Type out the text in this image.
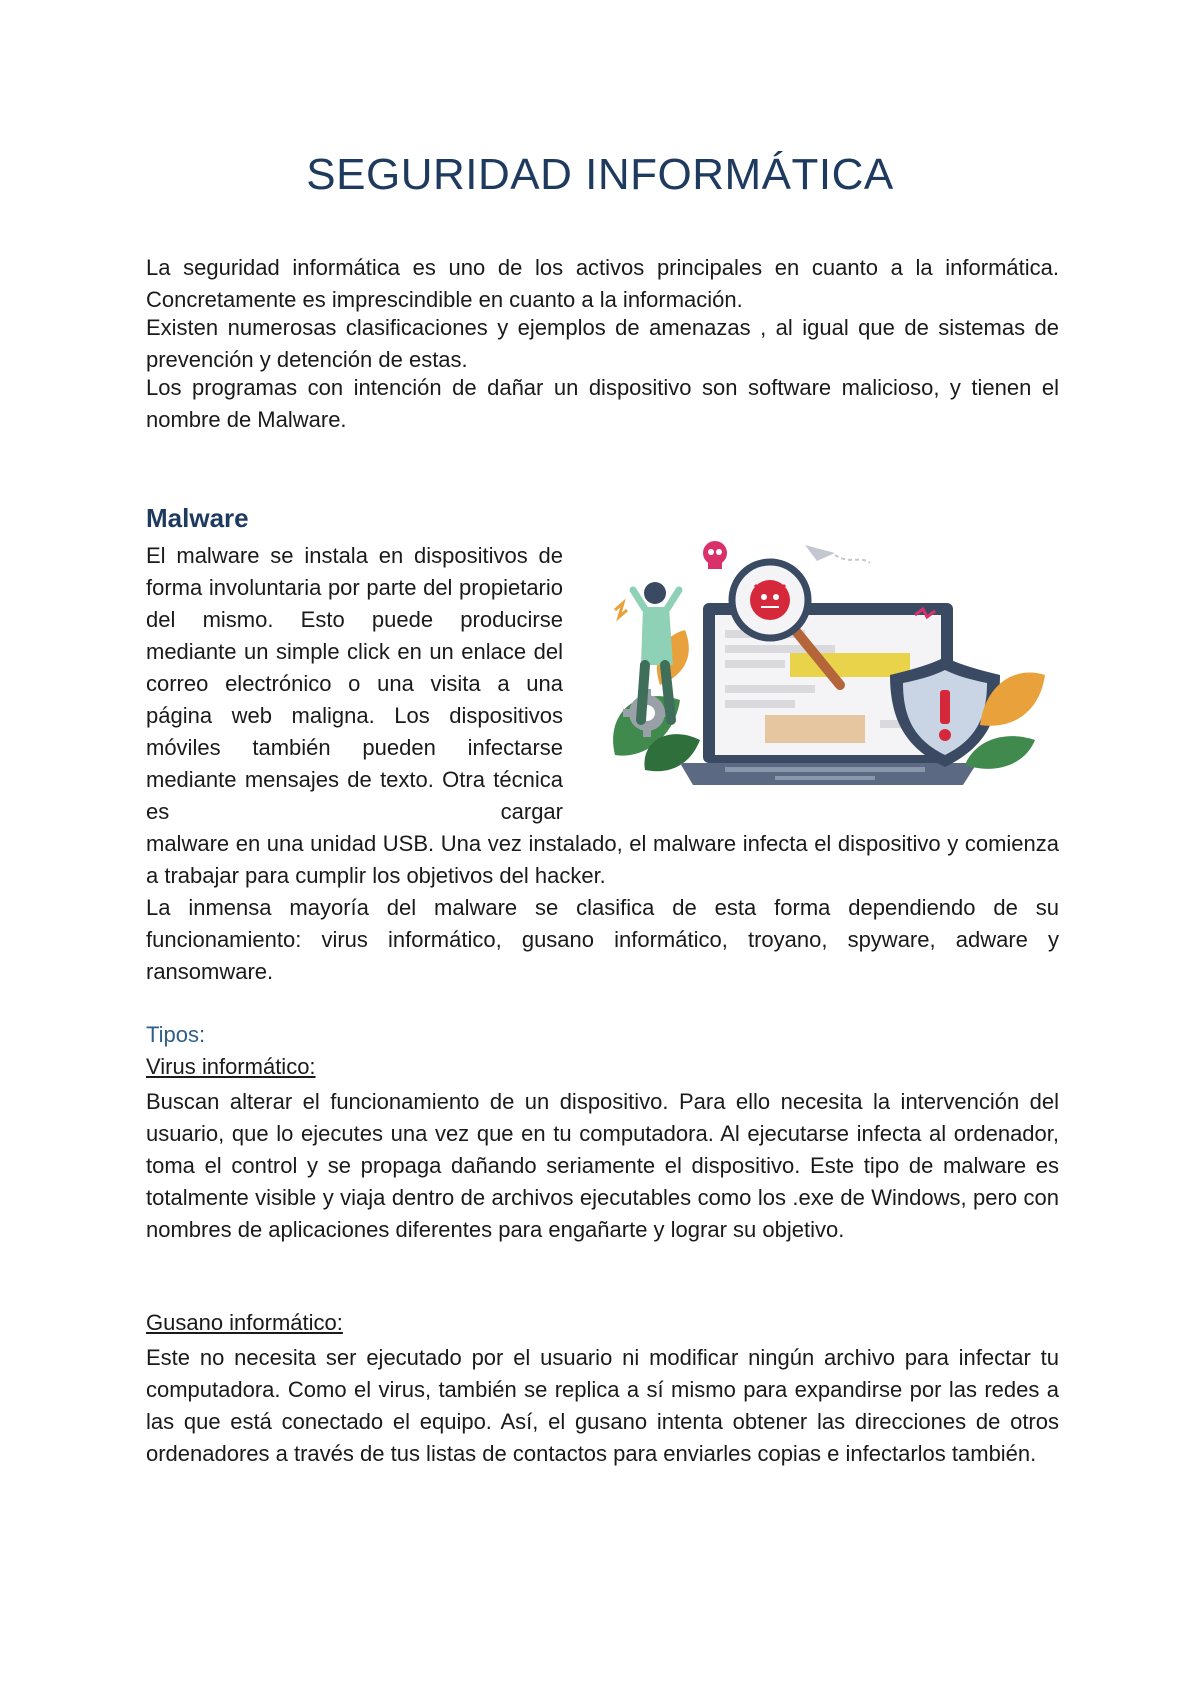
SEGURIDAD INFORMÁTICA

La seguridad informática es uno de los activos principales en cuanto a la informática. Concretamente es imprescindible en cuanto a la información.

Existen numerosas clasificaciones y ejemplos de amenazas , al igual que de sistemas de prevención y detención de estas.

Los programas con intención de dañar un dispositivo son software malicioso, y tienen el nombre de Malware.

Malware

El malware se instala en dispositivos de forma involuntaria por parte del propietario del mismo. Esto puede producirse mediante un simple click en un enlace del correo electrónico o una visita a una página web maligna. Los dispositivos móviles también pueden infectarse mediante mensajes de texto. Otra técnica es cargar

malware en una unidad USB. Una vez instalado, el malware infecta el dispositivo y comienza a trabajar para cumplir los objetivos del hacker.

La inmensa mayoría del malware se clasifica de esta forma dependiendo de su funcionamiento: virus informático, gusano informático, troyano, spyware, adware y ransomware.

Tipos:

Virus informático:

Buscan alterar el funcionamiento de un dispositivo. Para ello necesita la intervención del usuario, que lo ejecutes una vez que en tu computadora. Al ejecutarse infecta al ordenador, toma el control y se propaga dañando seriamente el dispositivo. Este tipo de malware es totalmente visible y viaja dentro de archivos ejecutables como los .exe de Windows, pero con nombres de aplicaciones diferentes para engañarte y lograr su objetivo.

Gusano informático:

Este no necesita ser ejecutado por el usuario ni modificar ningún archivo para infectar tu computadora. Como el virus, también se replica a sí mismo para expandirse por las redes a las que está conectado el equipo. Así, el gusano intenta obtener las direcciones de otros ordenadores a través de tus listas de contactos para enviarles copias e infectarlos también.
